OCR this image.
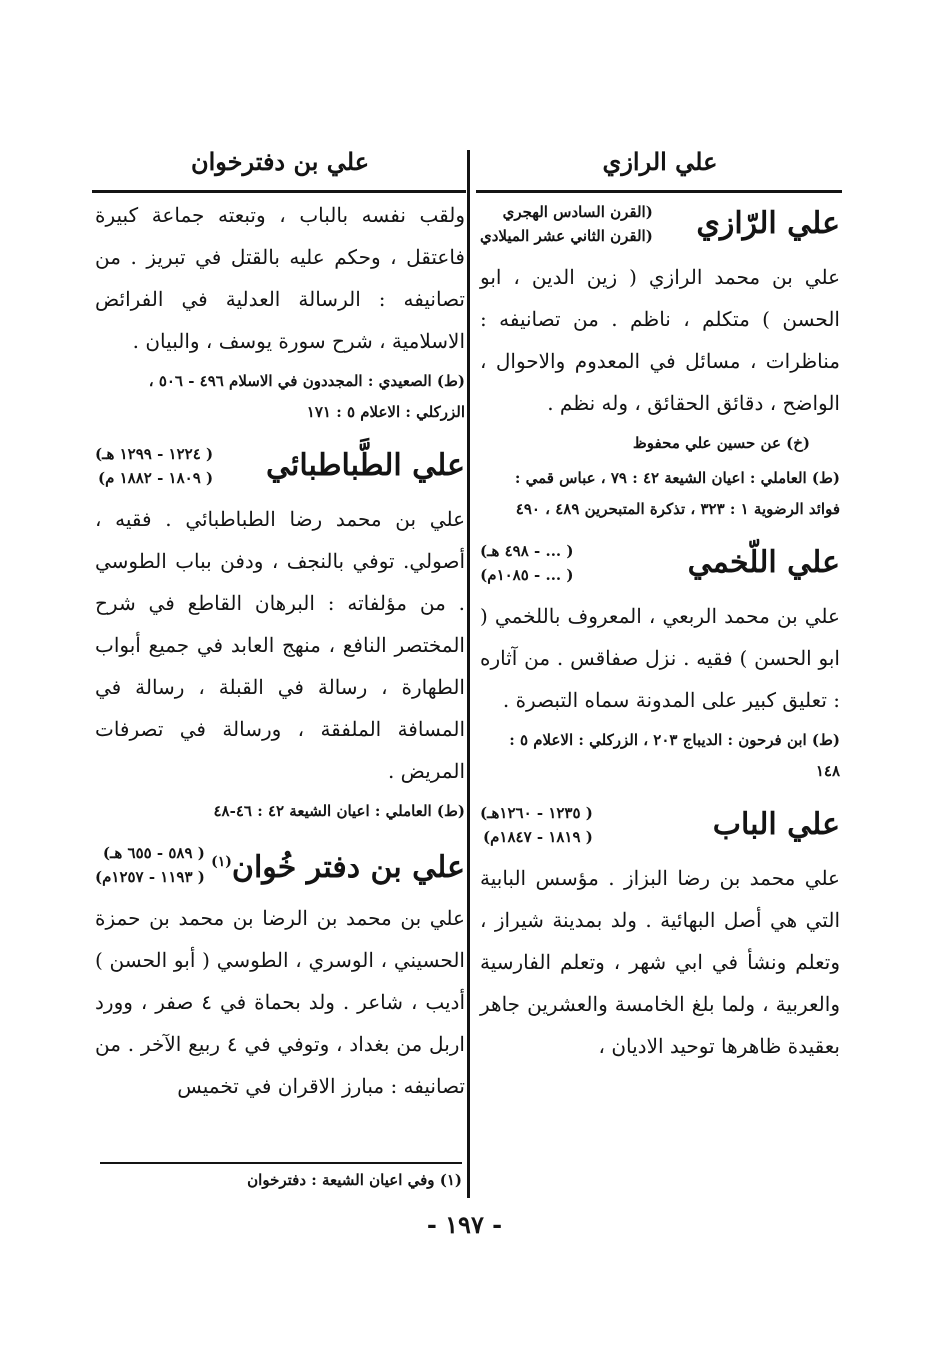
علي الرازي
علي الرّازي
(القرن السادس الهجري
(القرن الثاني عشر الميلادي

علي بن محمد الرازي ( زين الدين ، ابو الحسن ) متكلم ، ناظم . من تصانيفه : مناظرات ، مسائل في المعدوم والاحوال ، الواضح ، دقائق الحقائق ، وله نظم .

(خ) عن حسين علي محفوظ

(ط) العاملي : اعيان الشيعة ٤٢ : ٧٩ ، عباس قمي : فوائد الرضوية ١ : ٣٢٣ ، تذكرة المتبحرين ٤٨٩ ، ٤٩٠

علي اللّخمي
( ... - ٤٩٨ هـ)
( ... - ١٠٨٥م)

علي بن محمد الربعي ، المعروف باللخمي ( ابو الحسن ) فقيه . نزل صفاقس . من آثاره : تعليق كبير على المدونة سماه التبصرة .

(ط) ابن فرحون : الديباج ٢٠٣ ، الزركلي : الاعلام ٥ : ١٤٨

علي الباب
( ١٢٣٥ - ١٢٦٠هـ)
( ١٨١٩ - ١٨٤٧م)

علي محمد بن رضا البزاز . مؤسس البابية التي هي أصل البهائية . ولد بمدينة شيراز ، وتعلم ونشأ في ابي شهر ، وتعلم الفارسية والعربية ، ولما بلغ الخامسة والعشرين جاهر بعقيدة ظاهرها توحيد الاديان ،

علي بن دفترخوان

ولقب نفسه بالباب ، وتبعته جماعة كبيرة فاعتقل ، وحكم عليه بالقتل في تبريز . من تصانيفه : الرسالة العدلية في الفرائض الاسلامية ، شرح سورة يوسف ، والبيان .

(ط) الصعيدي : المجددون في الاسلام ٤٩٦ - ٥٠٦ ، الزركلي : الاعلام ٥ : ١٧١

علي الطَّباطبائي
( ١٢٢٤ - ١٢٩٩ هـ)
( ١٨٠٩ - ١٨٨٢ م)

علي بن محمد رضا الطباطبائي . فقيه ، أصولي. توفي بالنجف ، ودفن بباب الطوسي . من مؤلفاته : البرهان القاطع في شرح المختصر النافع ، منهج العابد في جميع أبواب الطهارة ، رسالة في القبلة ، رسالة في المسافة الملفقة ، ورسالة في تصرفات المريض .

(ط) العاملي : اعيان الشيعة ٤٢ : ٤٦-٤٨

علي بن دفتر خُوان$^{(١)}$
( ٥٨٩ - ٦٥٥ هـ)
( ١١٩٣ - ١٢٥٧م)

علي بن محمد بن الرضا بن محمد بن حمزة الحسيني ، الوسري ، الطوسي ( أبو الحسن ) أديب ، شاعر . ولد بحماة في ٤ صفر ، وورد اربل من بغداد ، وتوفي في ٤ ربيع الآخر . من تصانيفه : مبارز الاقران في تخميس

(١) وفي اعيان الشيعة : دفترخوان
- ١٩٧ -
